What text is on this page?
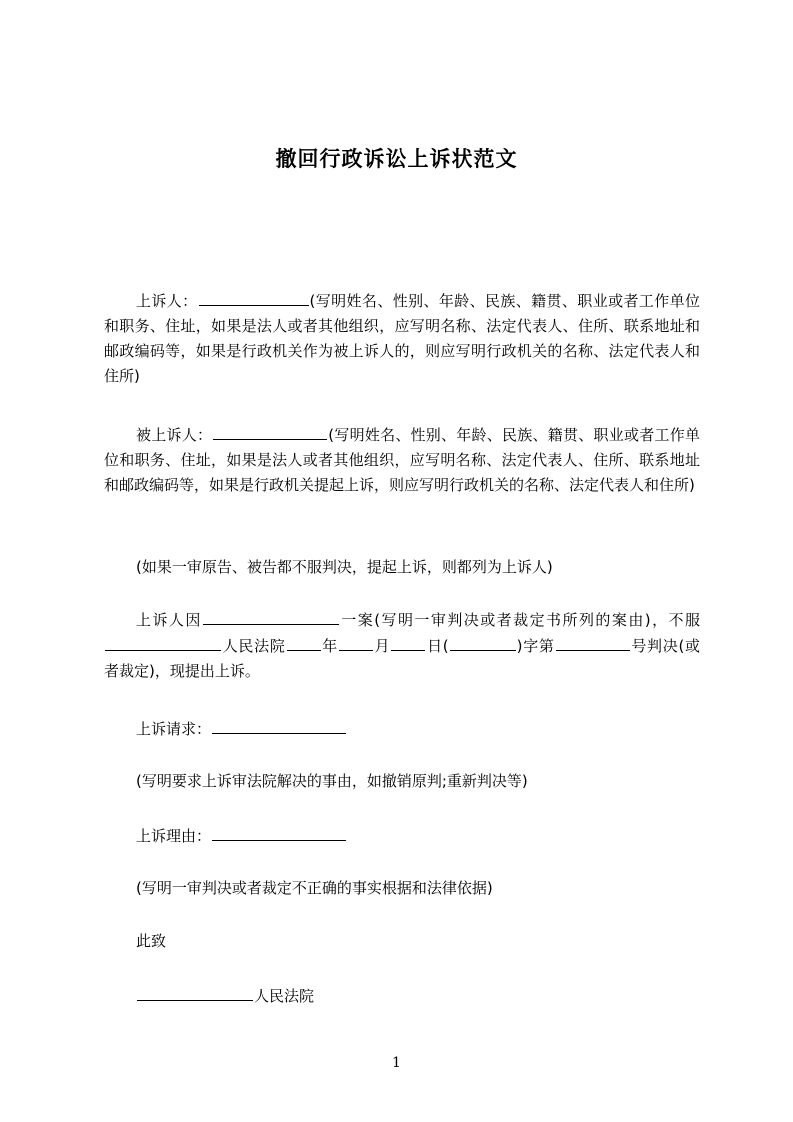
撤回行政诉讼上诉状范文
上诉人：	(写明姓名、性别、年龄、民族、籍贯、职业或者工作单位和职务、住址，如果是法人或者其他组织，应写明名称、法定代表人、住所、联系地址和邮政编码等，如果是行政机关作为被上诉人的，则应写明行政机关的名称、法定代表人和住所)
被上诉人：	(写明姓名、性别、年龄、民族、籍贯、职业或者工作单位和职务、住址，如果是法人或者其他组织，应写明名称、法定代表人、住所、联系地址和邮政编码等，如果是行政机关提起上诉，则应写明行政机关的名称、法定代表人和住所)
(如果一审原告、被告都不服判决，提起上诉，则都列为上诉人)
上诉人因	一案(写明一审判决或者裁定书所列的案由)，不服人民法院 年 月 日(	)字第	号判决(或者裁定)，现提出上诉。
上诉请求：
(写明要求上诉审法院解决的事由，如撤销原判;重新判决等)
上诉理由：
(写明一审判决或者裁定不正确的事实根据和法律依据)
此致
人民法院
1
